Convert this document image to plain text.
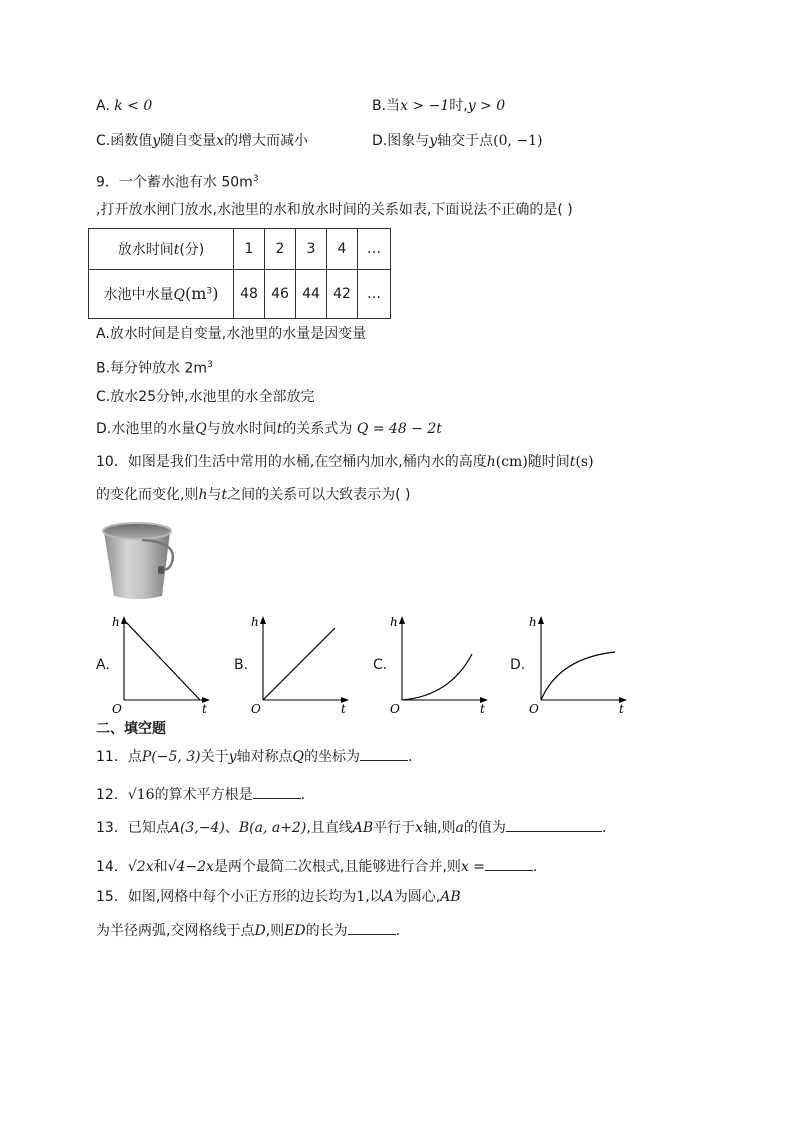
A. k < 0	B.当x > −1时,y > 0
C.函数值y随自变量x的增大而减小	D.图象与y轴交于点(0, −1)
9．一个蓄水池有水 $50m^3$
,打开放水闸门放水,水池里的水和放水时间的关系如表,下面说法不正确的是( )
放水时间t(分)	1	2	3	4	…
水池中水量$Q(m^3)$	48	46	44	42	…
A.放水时间是自变量,水池里的水量是因变量
B.每分钟放水 $2m^3$
C.放水25分钟,水池里的水全部放完
D.水池里的水量Q与放水时间t的关系式为 Q = 48 − 2t
10．如图是我们生活中常用的水桶,在空桶内加水,桶内水的高度h(cm)随时间t(s)
的变化而变化,则h与t之间的关系可以大致表示为( )
A.
h
t
O
B.
h
t
O
C.
h
t
O
D.
h
t
O
二、填空题
11．点P(−5, 3)关于y轴对称点Q的坐标为	.
12．√16的算术平方根是	.
13．已知点A(3,−4)、B(a, a+2),且直线AB平行于x轴,则a的值为	.
14．√2x和√4−2x是两个最简二次根式,且能够进行合并,则x =	.
15．如图,网格中每个小正方形的边长均为1,以A为圆心,AB
为半径两弧,交网格线于点D,则ED的长为	.
